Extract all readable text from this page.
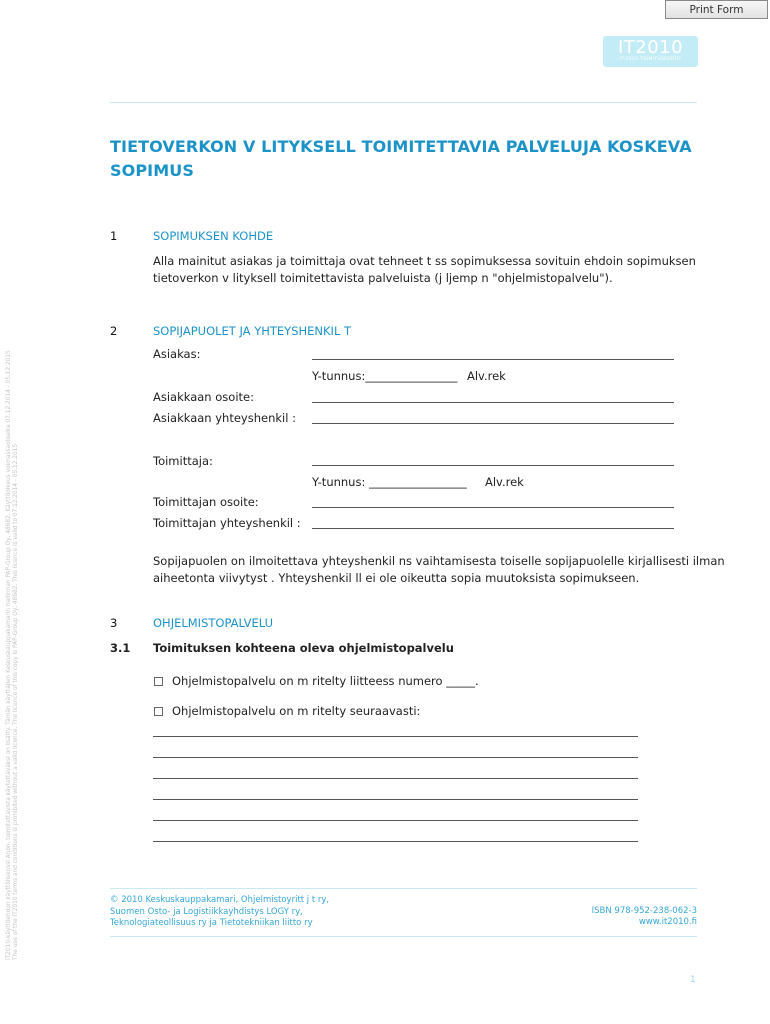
Print Form
IT2010
IT-2010 TOIMITUSEHDOT
IT2010-käyttöehdon käyttölisenssi Anon. toimitettavista käytettäväksi on lisätty. Tämän käyttäjien Keskuskauppakamarin hallinnan PAP-Group Oy, 48682. Käyttöoikeus voimassaoloaika 07.12.2014 - 05.12.2015 The use of the IT2010 terms and conditions is prohibited without a valid licence. The licence of this copy is PAP-Group Oy, 48682. This licence is valid to 07.12.2014 - 05.12.2015
TIETOVERKON V LITYKSELL TOIMITETTAVIA PALVELUJA KOSKEVA
SOPIMUS
1	SOPIMUKSEN KOHDE
Alla mainitut asiakas ja toimittaja ovat tehneet t ss sopimuksessa sovituin ehdoin sopimuksen
tietoverkon v lityksell toimitettavista palveluista (j ljemp n "ohjelmistopalvelu").
2	SOPIJAPUOLET JA YHTEYSHENKIL T
Asiakas:
Y-tunnus:________________ Alv.rek
Asiakkaan osoite:
Asiakkaan yhteyshenkil :
Toimittaja:
Y-tunnus: _________________ Alv.rek
Toimittajan osoite:
Toimittajan yhteyshenkil :
Sopijapuolen on ilmoitettava yhteyshenkil ns vaihtamisesta toiselle sopijapuolelle kirjallisesti ilman
aiheetonta viivytyst . Yhteyshenkil ll ei ole oikeutta sopia muutoksista sopimukseen.
3	OHJELMISTOPALVELU
3.1 Toimituksen kohteena oleva ohjelmistopalvelu
Ohjelmistopalvelu on m ritelty liitteess numero _____.
Ohjelmistopalvelu on m ritelty seuraavasti:
© 2010 Keskuskauppakamari, Ohjelmistoyritt j t ry,
Suomen Osto- ja Logistiikkayhdistys LOGY ry,
Teknologiateollisuus ry ja Tietotekniikan liitto ry
ISBN 978-952-238-062-3
www.it2010.fi
1
